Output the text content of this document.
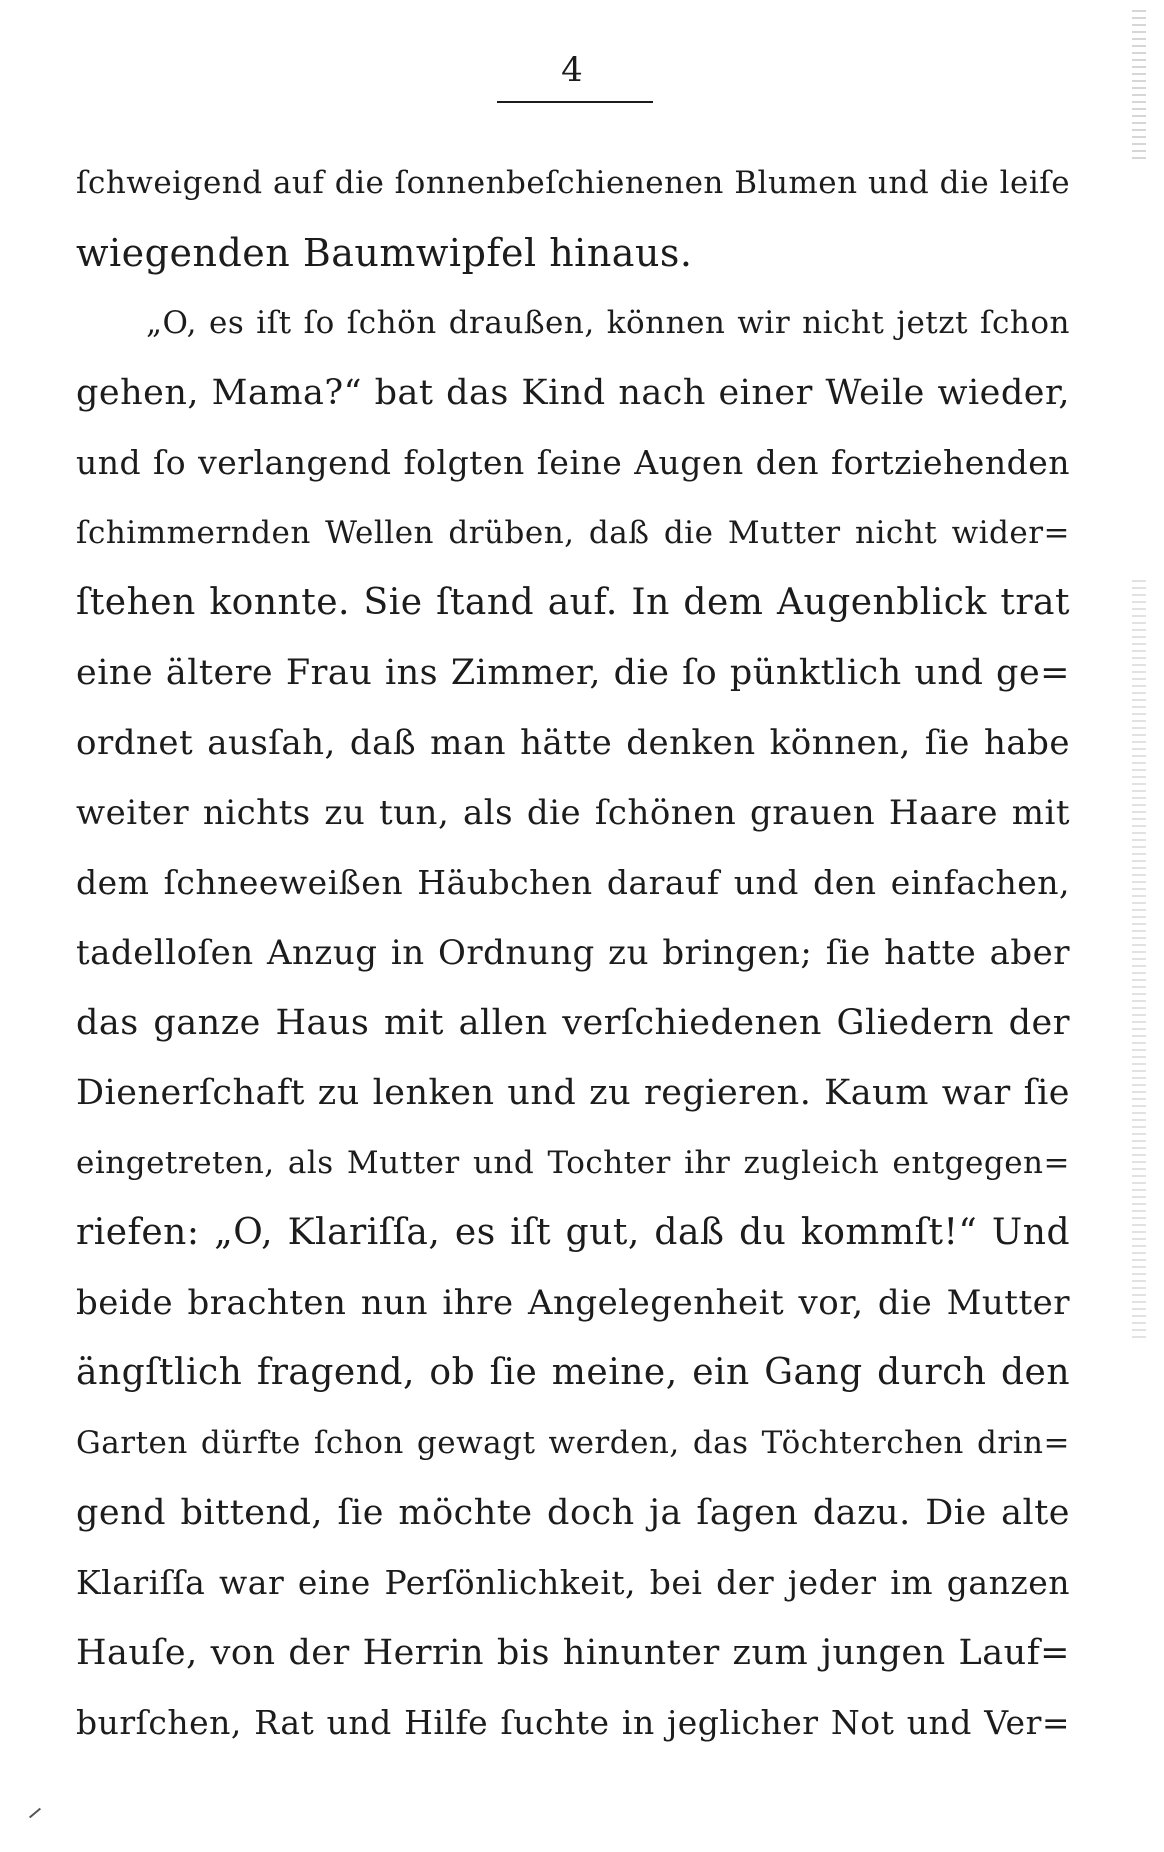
4
ſchweigend auf die ſonnenbeſchienenen Blumen und die leiſe
wiegenden Baumwipfel hinaus.
„O, es iſt ſo ſchön draußen, können wir nicht jetzt ſchon
gehen, Mama?“ bat das Kind nach einer Weile wieder,
und ſo verlangend folgten ſeine Augen den fortziehenden
ſchimmernden Wellen drüben, daß die Mutter nicht wider=
ſtehen konnte. Sie ſtand auf. In dem Augenblick trat
eine ältere Frau ins Zimmer, die ſo pünktlich und ge=
ordnet ausſah, daß man hätte denken können, ſie habe
weiter nichts zu tun, als die ſchönen grauen Haare mit
dem ſchneeweißen Häubchen darauf und den einfachen,
tadelloſen Anzug in Ordnung zu bringen; ſie hatte aber
das ganze Haus mit allen verſchiedenen Gliedern der
Dienerſchaft zu lenken und zu regieren. Kaum war ſie
eingetreten, als Mutter und Tochter ihr zugleich entgegen=
riefen: „O, Klariſſa, es iſt gut, daß du kommſt!“ Und
beide brachten nun ihre Angelegenheit vor, die Mutter
ängſtlich fragend, ob ſie meine, ein Gang durch den
Garten dürfte ſchon gewagt werden, das Töchterchen drin=
gend bittend, ſie möchte doch ja ſagen dazu. Die alte
Klariſſa war eine Perſönlichkeit, bei der jeder im ganzen
Hauſe, von der Herrin bis hinunter zum jungen Lauf=
burſchen, Rat und Hilfe ſuchte in jeglicher Not und Ver=
